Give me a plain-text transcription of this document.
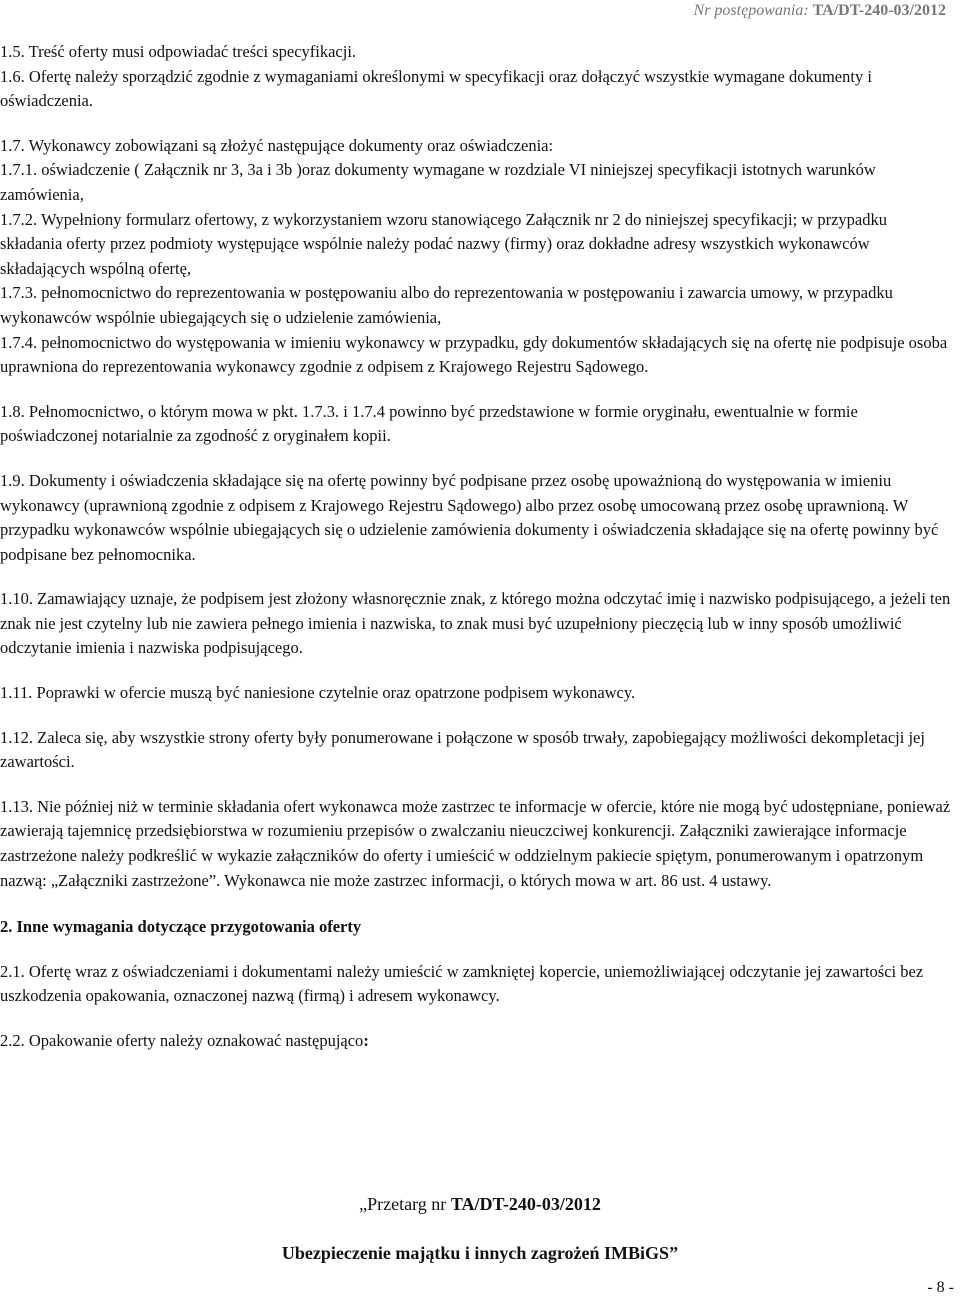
Nr postępowania: TA/DT-240-03/2012

1.5. Treść oferty musi odpowiadać treści specyfikacji.

1.6. Ofertę należy sporządzić zgodnie z wymaganiami określonymi w specyfikacji oraz dołączyć wszystkie wymagane dokumenty i oświadczenia.

1.7. Wykonawcy zobowiązani są złożyć następujące dokumenty oraz oświadczenia:

1.7.1. oświadczenie ( Załącznik nr 3, 3a i 3b )oraz dokumenty wymagane w rozdziale VI niniejszej specyfikacji istotnych warunków zamówienia,

1.7.2. Wypełniony formularz ofertowy, z wykorzystaniem wzoru stanowiącego Załącznik nr 2 do niniejszej specyfikacji; w przypadku składania oferty przez podmioty występujące wspólnie należy podać nazwy (firmy) oraz dokładne adresy wszystkich wykonawców składających wspólną ofertę,

1.7.3. pełnomocnictwo do reprezentowania w postępowaniu albo do reprezentowania w postępowaniu i zawarcia umowy, w przypadku wykonawców wspólnie ubiegających się o udzielenie zamówienia,

1.7.4. pełnomocnictwo do występowania w imieniu wykonawcy w przypadku, gdy dokumentów składających się na ofertę nie podpisuje osoba uprawniona do reprezentowania wykonawcy zgodnie z odpisem z Krajowego Rejestru Sądowego.

1.8. Pełnomocnictwo, o którym mowa w pkt. 1.7.3. i 1.7.4 powinno być przedstawione w formie oryginału, ewentualnie w formie poświadczonej notarialnie za zgodność z oryginałem kopii.

1.9. Dokumenty i oświadczenia składające się na ofertę powinny być podpisane przez osobę upoważnioną do występowania w imieniu wykonawcy (uprawnioną zgodnie z odpisem z Krajowego Rejestru Sądowego) albo przez osobę umocowaną przez osobę uprawnioną. W przypadku wykonawców wspólnie ubiegających się o udzielenie zamówienia dokumenty i oświadczenia składające się na ofertę powinny być podpisane bez pełnomocnika.

1.10. Zamawiający uznaje, że podpisem jest złożony własnoręcznie znak, z którego można odczytać imię i nazwisko podpisującego, a jeżeli ten znak nie jest czytelny lub nie zawiera pełnego imienia i nazwiska, to znak musi być uzupełniony pieczęcią lub w inny sposób umożliwić odczytanie imienia i nazwiska podpisującego.

1.11. Poprawki w ofercie muszą być naniesione czytelnie oraz opatrzone podpisem wykonawcy.

1.12. Zaleca się, aby wszystkie strony oferty były ponumerowane i połączone w sposób trwały, zapobiegający możliwości dekompletacji jej zawartości.

1.13. Nie później niż w terminie składania ofert wykonawca może zastrzec te informacje w ofercie, które nie mogą być udostępniane, ponieważ zawierają tajemnicę przedsiębiorstwa w rozumieniu przepisów o zwalczaniu nieuczciwej konkurencji. Załączniki zawierające informacje zastrzeżone należy podkreślić w wykazie załączników do oferty i umieścić w oddzielnym pakiecie spiętym, ponumerowanym i opatrzonym nazwą: „Załączniki zastrzeżone”. Wykonawca nie może zastrzec informacji, o których mowa w art. 86 ust. 4 ustawy.

2. Inne wymagania dotyczące przygotowania oferty

2.1. Ofertę wraz z oświadczeniami i dokumentami należy umieścić w zamkniętej kopercie, uniemożliwiającej odczytanie jej zawartości bez uszkodzenia opakowania, oznaczonej nazwą (firmą) i adresem wykonawcy.

2.2. Opakowanie oferty należy oznakować następująco:

„Przetarg nr TA/DT-240-03/2012
Ubezpieczenie majątku i innych zagrożeń IMBiGS”
- 8 -
